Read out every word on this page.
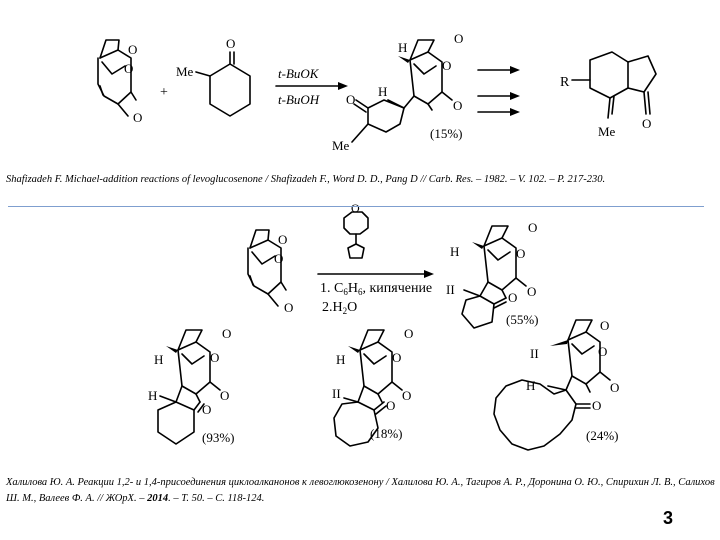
O
O
O
+
O
Me	t-BuOK
t-BuOH
H
O
O
O
H
O
Me
(15%)
R
O
Me
O
O
O
O
1. $C_6H_6$, кипячение
$2.H_2O$
H
O
O
O
II
O
(55%)
H
O
O
O
H
O
(93%)
H
O
O
O
II
O
(18%)
II
O
O
O
H
O
(24%)
Shafizadeh F. Michael-addition reactions of levoglucosenone / Shafizadeh F., Word D. D., Pang D // Carb. Res. – 1982. – V. 102. – P. 217-230.
Халилова Ю. А. Реакции 1,2- и 1,4-присоединения циклоалканонов к левоглюкозенону / Халилова Ю. А., Тагиров А. Р., Доронина О. Ю., Спирихин Л. В., Салихов Ш. М., Валеев Ф. А. // ЖОрХ. – 2014. – Т. 50. – С. 118-124.
3
